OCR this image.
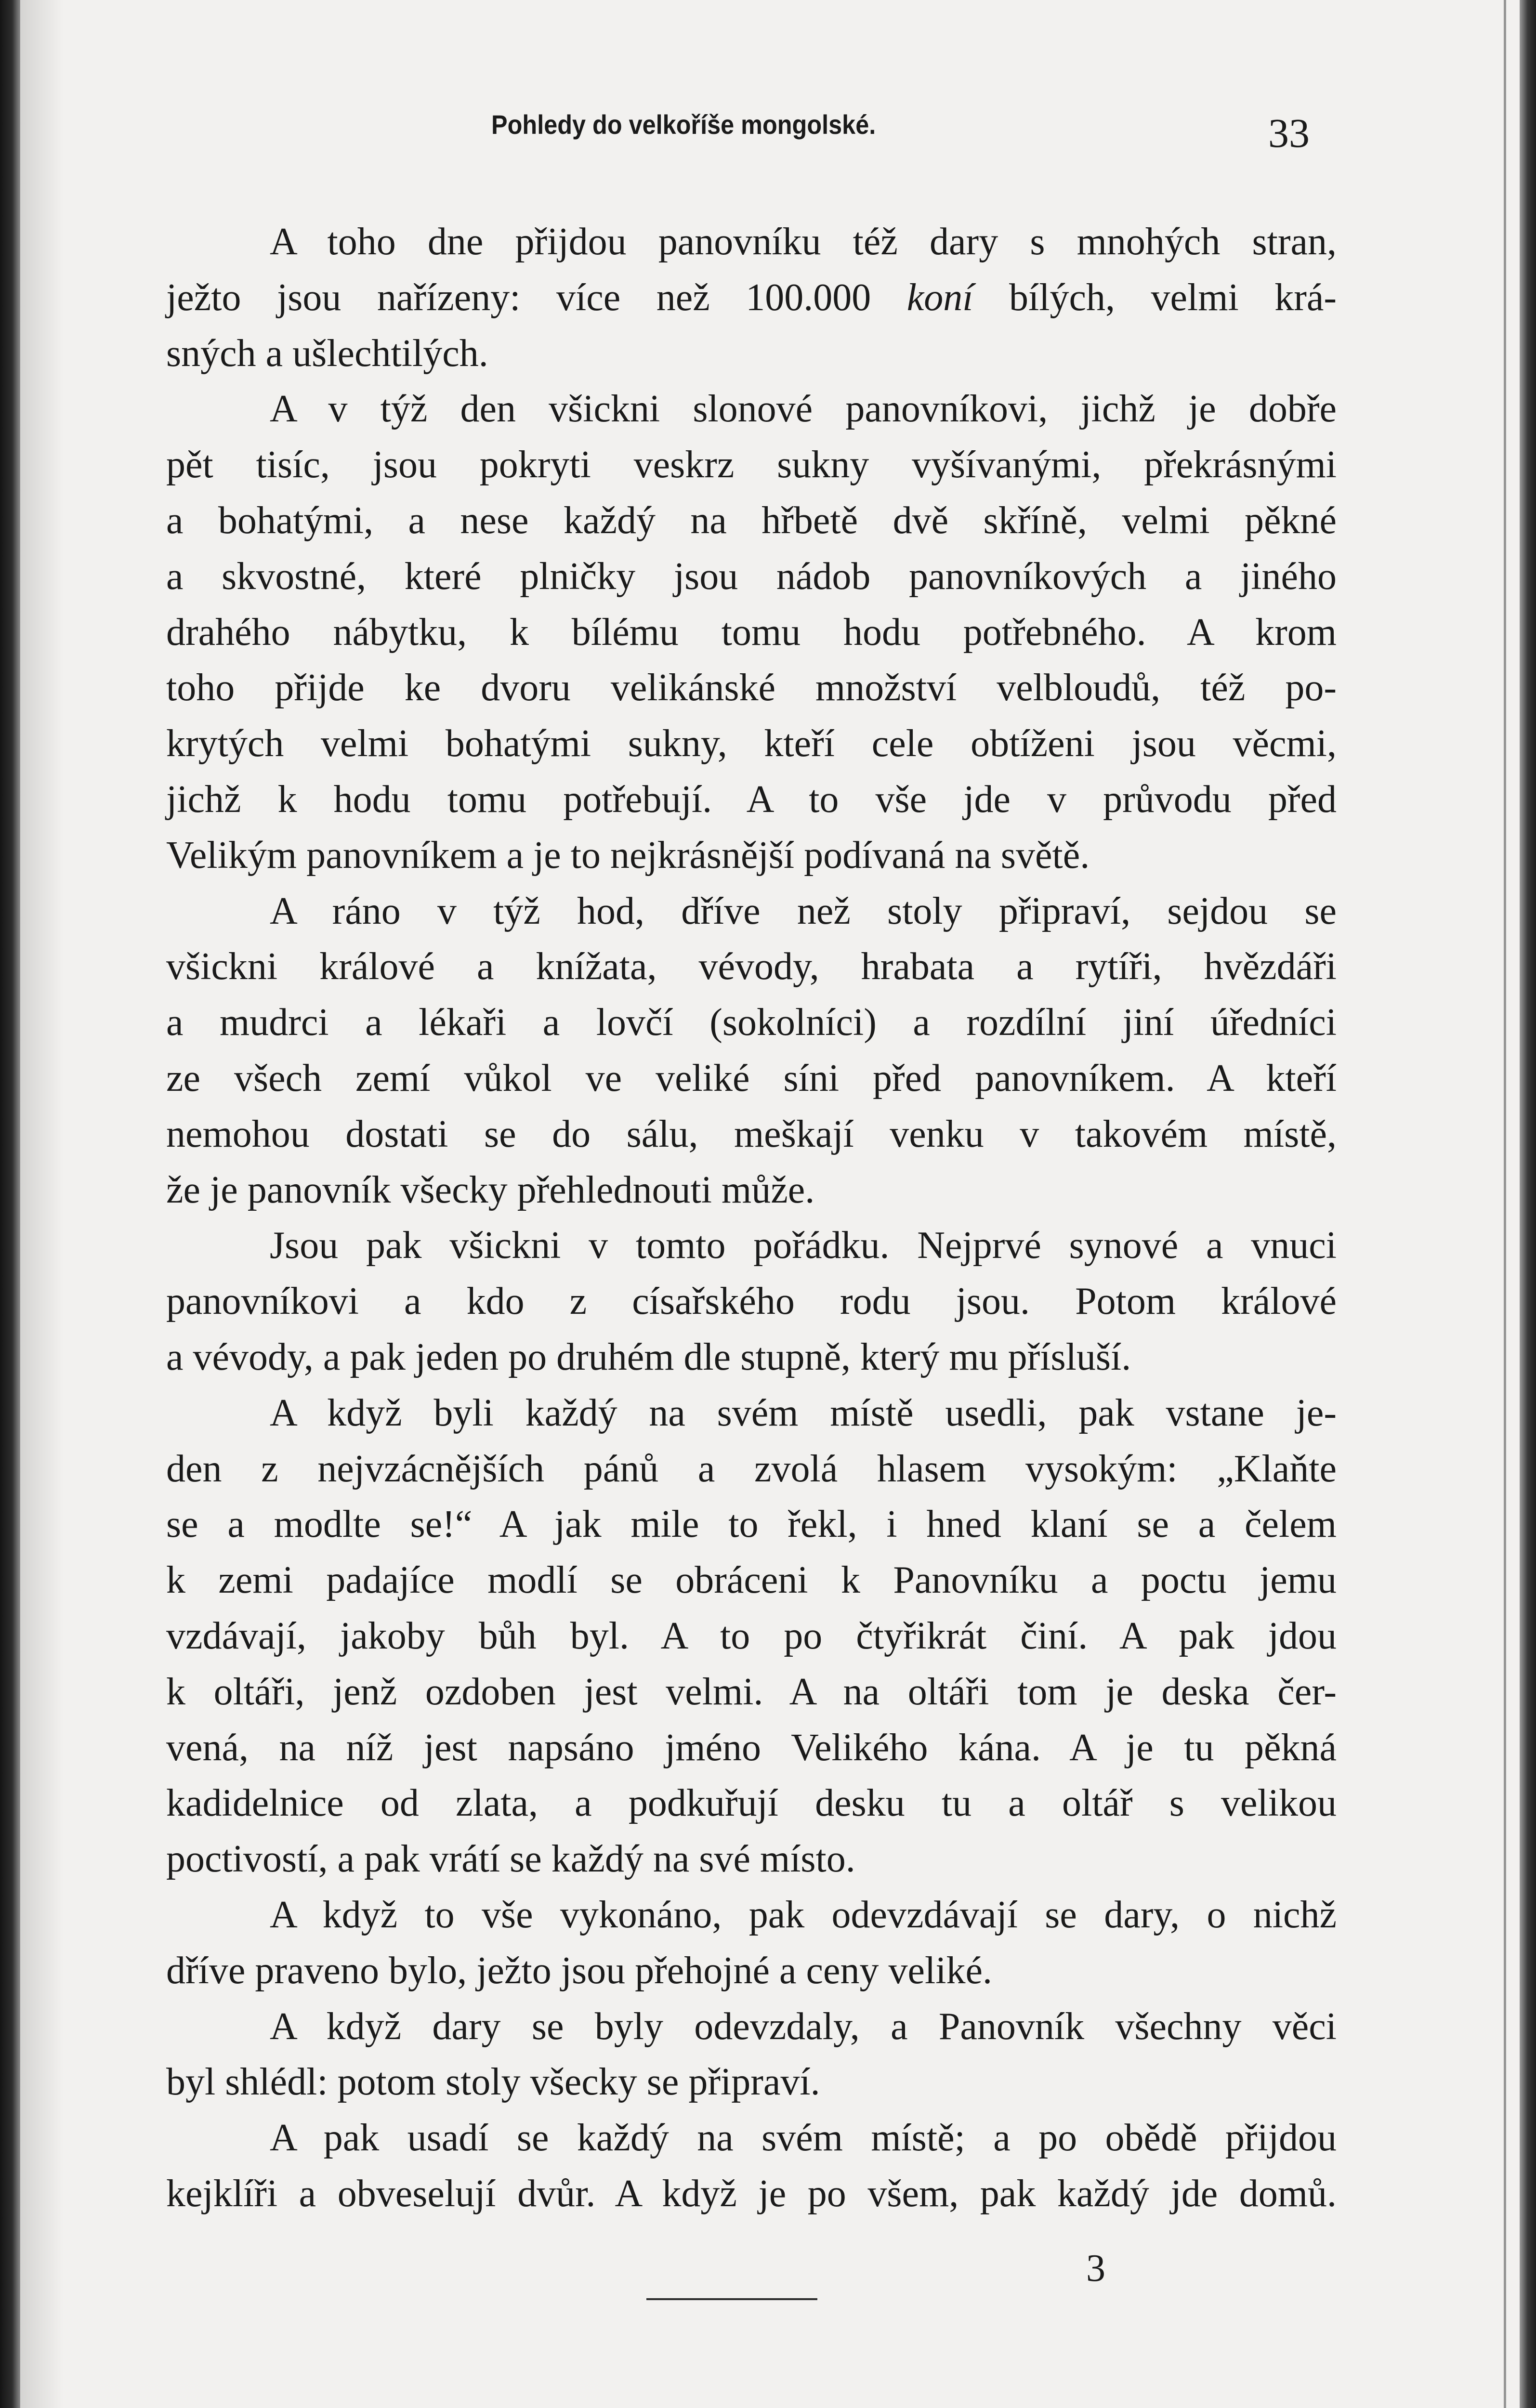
Pohledy do velkoříše mongolské.	33
A toho dne přijdou panovníku též dary s mnohých stran,
ježto jsou nařízeny: více než 100.000 koní bílých, velmi krá-
sných a ušlechtilých.
A v týž den všickni slonové panovníkovi, jichž je dobře
pět tisíc, jsou pokryti veskrz sukny vyšívanými, překrásnými
a bohatými, a nese každý na hřbetě dvě skříně, velmi pěkné
a skvostné, které plničky jsou nádob panovníkových a jiného
drahého nábytku, k bílému tomu hodu potřebného. A krom
toho přijde ke dvoru velikánské množství velbloudů, též po-
krytých velmi bohatými sukny, kteří cele obtíženi jsou věcmi,
jichž k hodu tomu potřebují. A to vše jde v průvodu před
Velikým panovníkem a je to nejkrásnější podívaná na světě.
A ráno v týž hod, dříve než stoly připraví, sejdou se
všickni králové a knížata, vévody, hrabata a rytíři, hvězdáři
a mudrci a lékaři a lovčí (sokolníci) a rozdílní jiní úředníci
ze všech zemí vůkol ve veliké síni před panovníkem. A kteří
nemohou dostati se do sálu, meškají venku v takovém místě,
že je panovník všecky přehlednouti může.
Jsou pak všickni v tomto pořádku. Nejprvé synové a vnuci
panovníkovi a kdo z císařského rodu jsou. Potom králové
a vévody, a pak jeden po druhém dle stupně, který mu přísluší.
A když byli každý na svém místě usedli, pak vstane je-
den z nejvzácnějších pánů a zvolá hlasem vysokým: „Klaňte
se a modlte se!“ A jak mile to řekl, i hned klaní se a čelem
k zemi padajíce modlí se obráceni k Panovníku a poctu jemu
vzdávají, jakoby bůh byl. A to po čtyřikrát činí. A pak jdou
k oltáři, jenž ozdoben jest velmi. A na oltáři tom je deska čer-
vená, na níž jest napsáno jméno Velikého kána. A je tu pěkná
kadidelnice od zlata, a podkuřují desku tu a oltář s velikou
poctivostí, a pak vrátí se každý na své místo.
A když to vše vykonáno, pak odevzdávají se dary, o nichž
dříve praveno bylo, ježto jsou přehojné a ceny veliké.
A když dary se byly odevzdaly, a Panovník všechny věci
byl shlédl: potom stoly všecky se připraví.
A pak usadí se každý na svém místě; a po obědě přijdou
kejklíři a obveselují dvůr. A když je po všem, pak každý jde domů.
3
